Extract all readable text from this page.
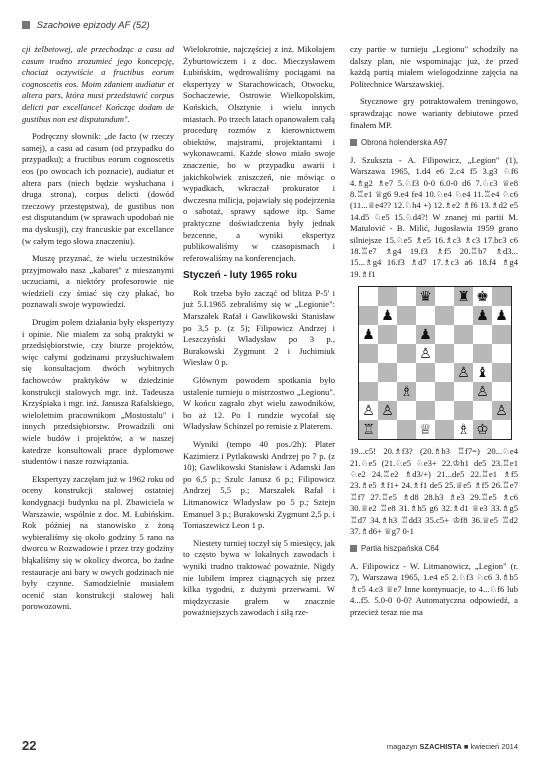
Szachowe epizody AF (52)

cji żelbetowej, ale przechodząc a casu ad casum trudno zrozumieć jego koncepcję, chociaż oczywiście a fructibus eorum cognoscetis eos. Moim zdaniem audiatur et altera pars, która musi przedstawić corpus delicti par excellance! Kończąc dodam de gustibus non est disputandum".

Podręczny słownik: „de facto (w rzeczy samej), a casu ad casum (od przypadku do przypadku); a fructibus eorum cognoscetis eos (po owocach ich poznacie), audiatur et altera pars (niech będzie wysłuchana i druga strona), corpus delicti (dowód rzeczowy przestępstwa), de gustibus non est disputandum (w sprawach upodobań nie ma dyskusji), czy francuskie par excellance (w całym tego słowa znaczeniu).

Muszę przyznać, że wielu uczestników przyjmowało nasz „kabaret" z mieszanymi uczuciami, a niektóry profesorowie nie wiedzieli czy śmiać się czy płakać, bo poznawali swoje wypowiedzi.

Drugim polem działania były ekspertyzy i opinie. Nie mialem za sobą praktyki w przedsiębiorstwie, czy biurze projektów, więc całymi godzinami przysłuchiwałem się konsultacjom dwóch wybitnych fachowców praktyków w dziedzinie konstrukcji stalowych mgr. inż. Tadeusza Krzyśpiaka i mgr. inż. Janusza Rafalskiego, wieloletnim pracownikom „Mostostalu" i innych przedsiębiorstw. Prowadzili oni wiele budów i projektów, a w naszej katedrze konsultowali prace dyplomowe studentów i nasze rozwiązania.

Ekspertyzy zaczęłam już w 1962 roku od oceny konstrukcji stalowej ostatniej kondygnacji budynku na pl. Zbawiciela w Warszawie, wspólnie z doc. M. Łubińskim. Rok później na stanowisko z żoną wybieraliśmy się około godziny 5 rano na dworcu w Rozwadowie i przez trzy godziny błąkaliśmy się w okolicy dworca, bo żadne restauracje ani bary w owych godzinach nie były czynne. Samodzielnie musiałem ocenić stan konstrukcji stalowej hali porowozowni.

Wielokrotnie, najczęściej z inż. Mikołajem Żyburtowiczem i z doc. Mieczysławem Łubińskim, wędrowaliśmy pociągami na ekspertyzy w Starachowicach, Otwocku, Sochaczewie, Ostrowie Wielkopolskim, Końskich, Olsztynie i wielu innych miastach. Po trzech latach opanowałem całą procedurę rozmów z kierownictwem obiektów, majstrami, projektantami i wykonawcami. Każde słowo miało swoje znaczenie, bo w przypadku awarii i jakichkolwiek zniszczeń, nie mówiąc o wypadkach, wkraczał prokurator i dwczesna milicja, pojawiały się podejrzenia o sabotaż, sprawy sądowe itp. Same praktyczne doświadczenia były jednak bezcenne, a wyniki ekspertyz publikowaliśmy w czasopismach i referowaliśmy na konferencjach.

Styczeń - luty 1965 roku

Rok trzeba było zacząć od blitza P-5' i już 5.I.1965 zebraliśmy się w „Legionie": Marszałek Rafał i Gawlikowski Stanisław po 3,5 p. (z 5); Filipowicz Andrzej i Leszczyński Władysław po 3 p., Burakowski Zygmunt 2 i Juchimiuk Wiesław 0 p.

Głównym powodem spotkania było ustalenie turnieju o mistrzostwo „Legionu". W końcu zagrało zbyt wielu zawodników, bo aż 12. Po I rundzie wycofał się Władysław Schinzel po remisie z Platerem.

Wyniki (tempo 40 pos./2h): Plater Kazimierz i Pytlakowski Andrzej po 7 p. (z 10); Gawlikowski Stanisław i Adamski Jan po 6,5 p.; Szulc Janusz 6 p.; Filipowicz Andrzej 5,5 p.; Marszałek Rafał i Litmanowicz Władysław po 5 p.; Sztejn Emanuel 3 p.; Burakowski Zygmunt 2,5 p. i Tomaszewicz Leon 1 p.

Niestety turniej toczył się 5 miesięcy, jak to często bywa w lokalnych zawodach i wyniki trudno traktować poważnie. Nigdy nie lubiłem imprez ciągnących się przez kilka tygodni, z dużymi przerwami. W międzyczasie grałem w znacznie poważniejszych zawodach i siłą rze-

czy partie w turnieju „Legionu" schodziły na dalszy plan, nie wspominając już, że przed każdą partią miałem wielogodzinne zajęcia na Politechnice Warszawskiej.

Stycznowe gry potraktowałem treningowo, sprawdzając nowe warianty debiutowe przed finałem MP.

Obrona holenderska A97
J. Szukszta - A. Filipowicz, „Legion" (1), Warszawa 1965, 1.d4 e6 2.c4 f5 3.g3 ♘f6 4.♗g2 ♗e7 5.♘f3 0-0 6.0-0 d6 7.♘c3 ♕e8 8.♖e1 ♕g6 9.e4 fe4 10.♘e4 ♘e4 11.♖e4 ♘c6 (11...♕e4?? 12.♘h4 +) 12.♗e2 ♗f6 13.♗d2 e5 14.d5 ♘e5 15.♘d4?! W znanej mi partii M. Matulović - B. Milić, Jugosławia 1959 grano silniejsze 15.♘e5 ♗e5 16.♗c3 ♗c3 17.bc3 c6 18.♖e7 ♗g4 19.f3 ♗f5 20.♖b7 ♗d3... 15...♗g4 16.f3 ♗d7 17.♗c3 a6 18.f4 ♗g4 19.♗f1
♛ ♜ ♚
♟	♟ ♟
♟	♟
♙
♙ ♝
♗	♙
♙ ♙	♙
♖	♕ ♗ ♔
19...c5! 20.♗f3? (20.♗b3 ♖f7=) 20...♘e4 21.♘e5 (21.♘e5 ♘e3+ 22.♔h1 de5 23.♖e1 ♘e2 24.♖e2 ♗d3/+) 21...de5 22.♖e1 ♗f5 23.♗e5 ♗f1+ 24.♗f1 de5 25.♕e5 ♗f5 26.♖e7 ♖f7 27.♖e5 ♗d8 28.h3 ♗e3 29.♖e5 ♗c6 30.♕e2 ♖e8 31.♗h5 g6 32.♗d1 ♕e3 33.♗g5 ♖d7 34.♗h3 ♖dd3 35.c5+ ♔f8 36.♕e5 ♖d2 37.♗d6+ ♕g7 0-1
Partia hiszpańska C64
A. Filipowicz - W. Litmanowicz, „Legion" (r. 7), Warszawa 1965, 1.e4 e5 2.♘f3 ♘c6 3.♗b5 ♗c5 4.c3 ♕e7 Inne kontynuacje, to 4...♘f6 lub 4...f5. 5.0-0 0-0? Automatyczna odpowiedź, a przecież teraz nie ma
22	magazyn SZACHISTA ■ kwiecień 2014
